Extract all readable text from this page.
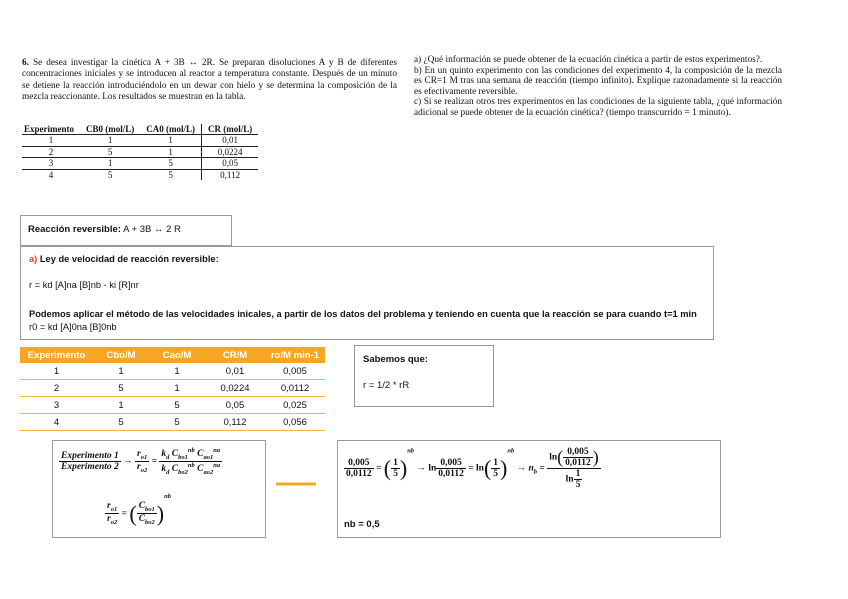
6. Se desea investigar la cinética A + 3B ↔ 2R. Se preparan disoluciones A y B de diferentes concentraciones iniciales y se introducen al reactor a temperatura constante. Después de un minuto se detiene la reacción introduciéndolo en un dewar con hielo y se determina la composición de la mezcla reaccionante. Los resultados se muestran en la tabla.

a) ¿Qué información se puede obtener de la ecuación cinética a partir de estos experimentos?.

b) En un quinto experimento con las condiciones del experimento 4, la composición de la mezcla es CR=1 M tras una semana de reacción (tiempo infinito). Explique razonadamente si la reacción es efectivamente reversible.

c) Si se realizan otros tres experimentos en las condiciones de la siguiente tabla, ¿qué información adicional se puede obtener de la ecuación cinética? (tiempo transcurrido = 1 minuto).

Experimento	CB0 (mol/L)	CA0 (mol/L)	CR (mol/L)
1	1	1	0,01
2	5	1	0,0224
3	1	5	0,05
4	5	5	0,112
Reacción reversible: A + 3B ↔ 2 R
a) Ley de velocidad de reacción reversible:
r = kd [A]na [B]nb - ki [R]nr
Podemos aplicar el método de las velocidades inicales, a partir de los datos del problema y teniendo en cuenta que la reacción se para cuando t=1 min
r0 = kd [A]0na [B]0nb
Experimento	Cbo/M	Cao/M	CR/M	ro/M min-1
1	1	1	0,01	0,005
2	5	1	0,0224	0,0112
3	1	5	0,05	0,025
4	5	5	0,112	0,056
Sabemos que:
r = 1/2 * rR
$\frac{\text{Experimento 1}}{\text{Experimento 2}} \to \frac{r_{o1}}{r_{o2}} = \frac{k_d C_{bo1}^{nb} C_{ao1}^{na}}{k_d C_{bo2}^{nb} C_{ao2}^{na}}$
$\frac{r_{o1}}{r_{o2}}$ = ( $\frac{C_{bo1}}{C_{bo2}} )^{nb}$
$\frac{0,005}{0,0112}$ = ( $\frac{1}{5} )^{nb} \to \ln \frac{0,005}{0,0112} = \ln( \frac{1}{5} )^{nb} \to n_b = \frac{\ln( \frac{0,005}{0,0112} )}{\ln \frac{1}{5}}$
nb = 0,5
